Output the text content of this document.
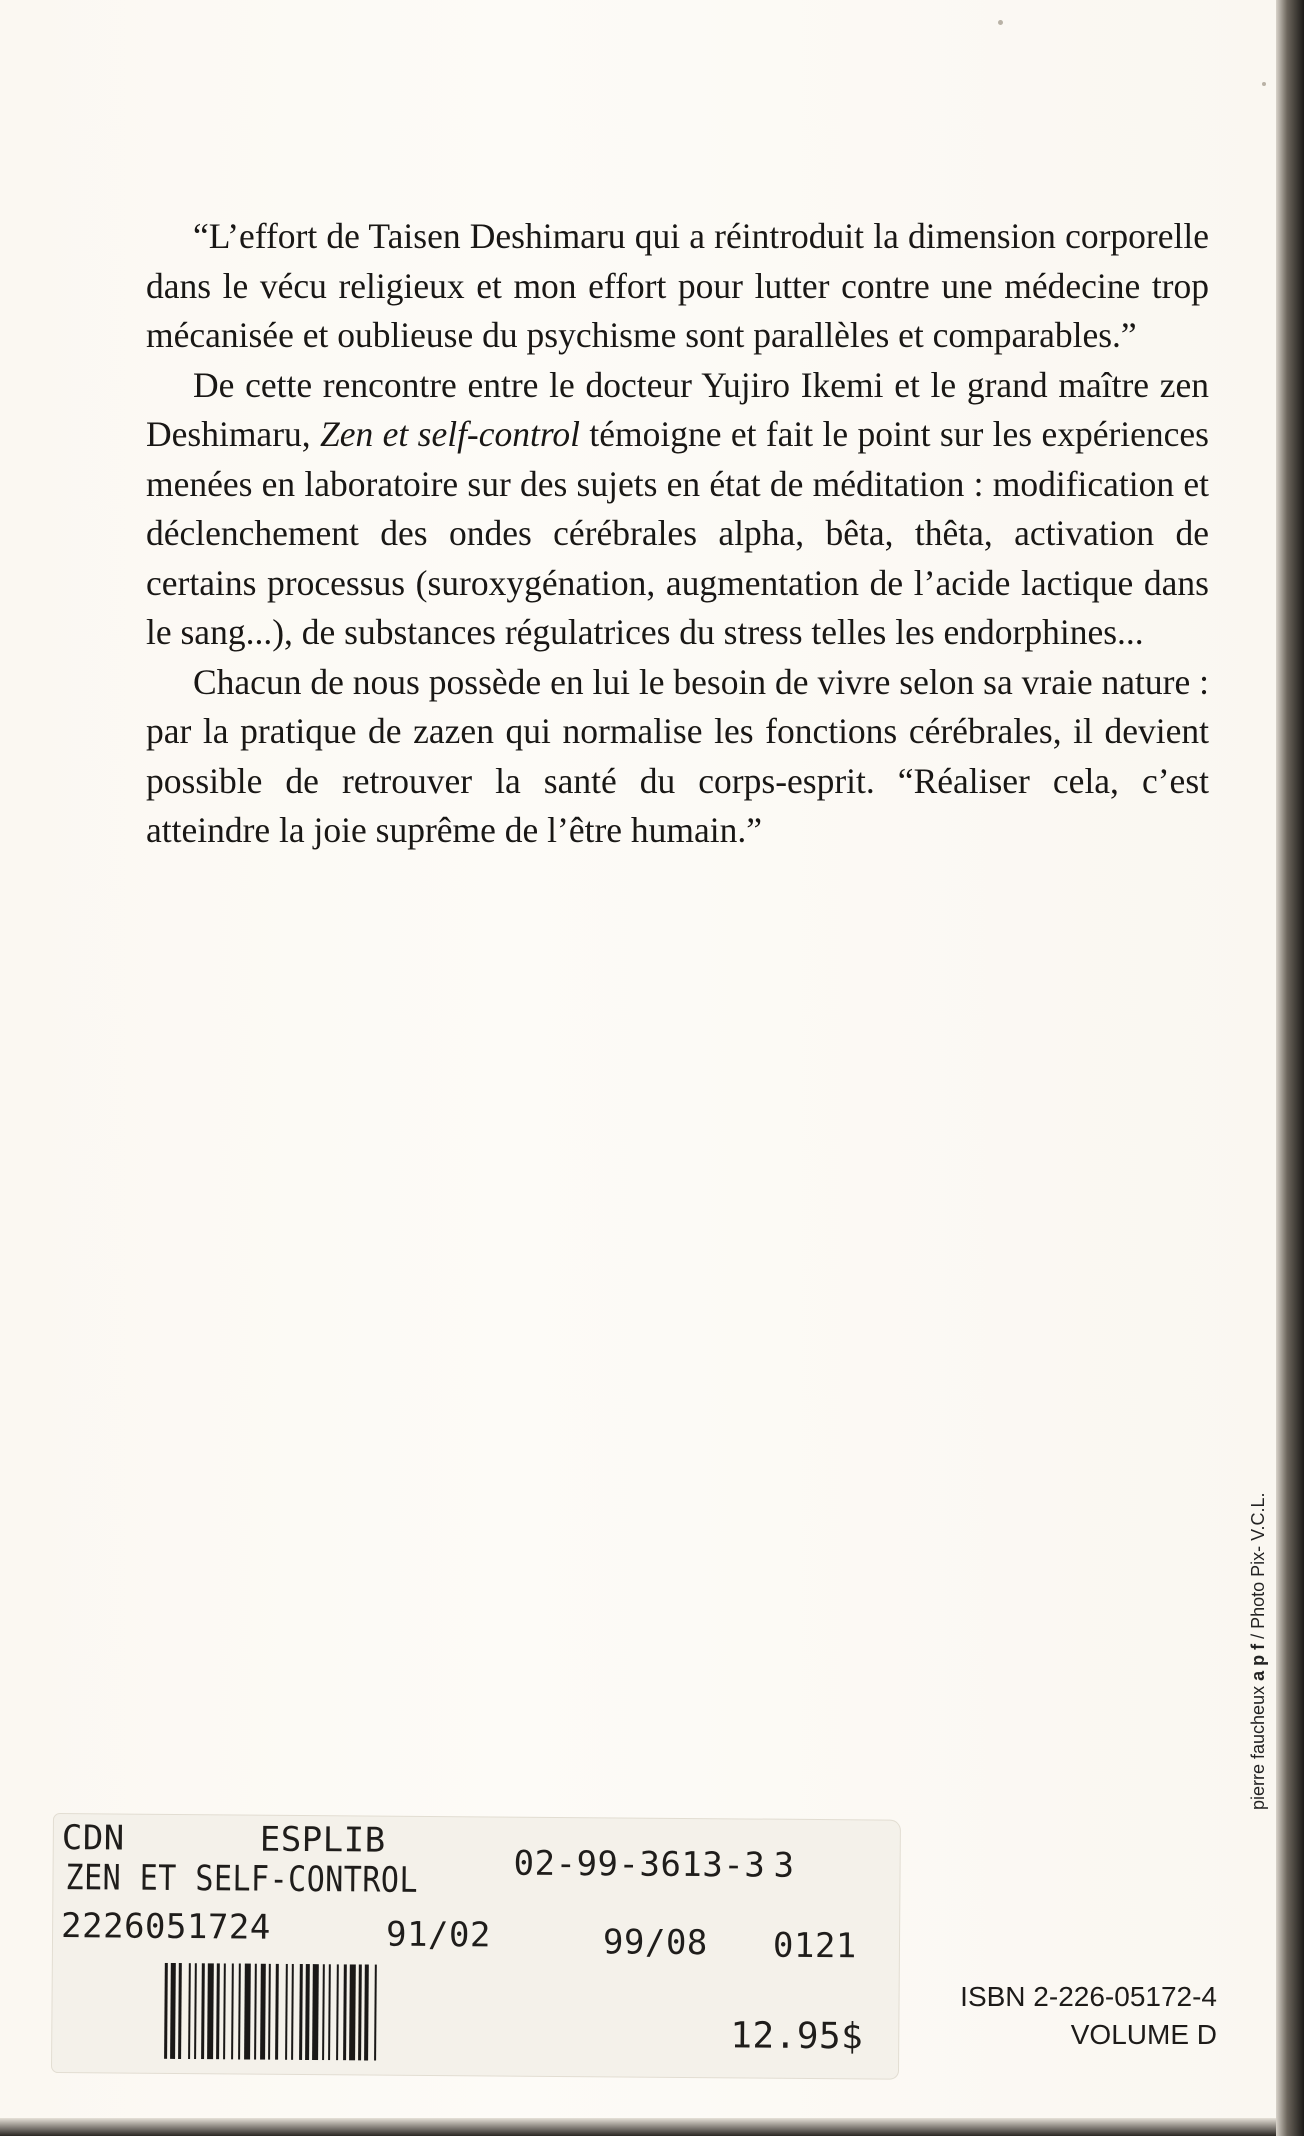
“L’effort de Taisen Deshimaru qui a réintroduit la dimension corporelle dans le vécu religieux et mon effort pour lutter contre une médecine trop mécanisée et oublieuse du psychisme sont parallèles et comparables.”

De cette rencontre entre le docteur Yujiro Ikemi et le grand maître zen Deshimaru, Zen et self-control témoigne et fait le point sur les expériences menées en laboratoire sur des sujets en état de méditation : modification et déclenchement des ondes cérébrales alpha, bêta, thêta, activation de certains processus (suroxygénation, augmentation de l’acide lactique dans le sang...), de substances régulatrices du stress telles les endorphines...

Chacun de nous possède en lui le besoin de vivre selon sa vraie nature : par la pratique de zazen qui normalise les fonctions cérébrales, il devient possible de retrouver la santé du corps-esprit. “Réaliser cela, c’est atteindre la joie suprême de l’être humain.”

CDN	ESPLIB
02-99-3613-3 3
ZEN ET SELF-CONTROL
2226051724	91/02	99/08 0121
12.95$
ISBN 2-226-05172-4
VOLUME D
pierre faucheux a p f / Photo Pix- V.C.L.
